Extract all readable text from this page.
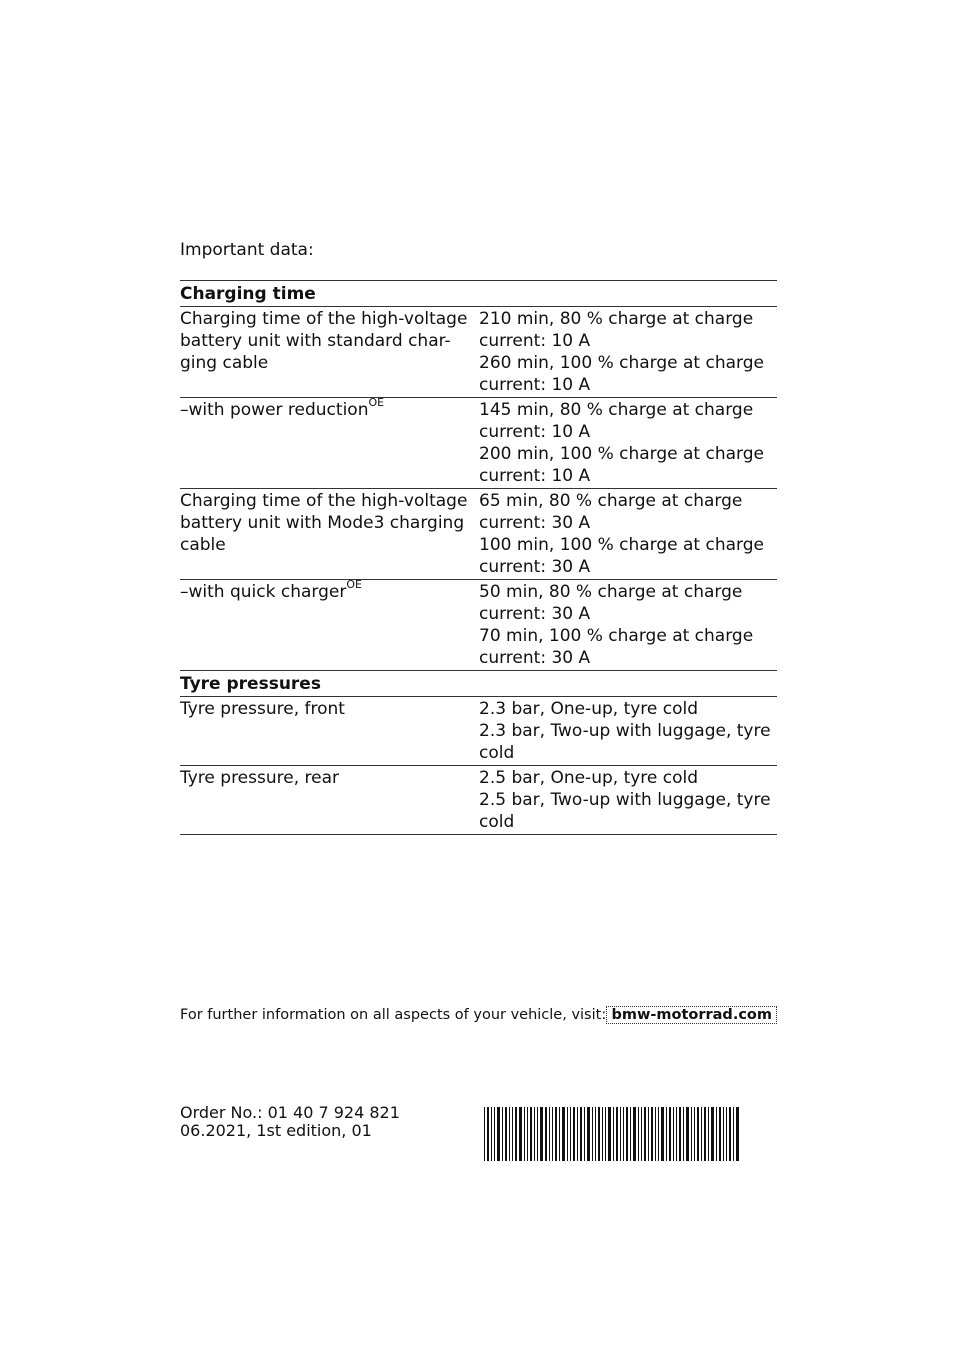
Important data:
Charging time	
Charging time of the high-voltage battery unit with standard char-ging cable	210 min, 80 % charge at charge current: 10 A
260 min, 100 % charge at charge current: 10 A

–with power reduction$^{OE}$	145 min, 80 % charge at charge current: 10 A
200 min, 100 % charge at charge current: 10 A

Charging time of the high-voltage battery unit with Mode3 charging cable	65 min, 80 % charge at charge current: 30 A
100 min, 100 % charge at charge current: 30 A

–with quick charger$^{OE}$	50 min, 80 % charge at charge current: 30 A
70 min, 100 % charge at charge current: 30 A

Tyre pressures	
Tyre pressure, front	2.3 bar, One-up, tyre cold
2.3 bar, Two-up with luggage, tyre cold

Tyre pressure, rear	2.5 bar, One-up, tyre cold
2.5 bar, Two-up with luggage, tyre cold
For further information on all aspects of your vehicle, visit: bmw-motorrad.com
Order No.: 01 40 7 924 821
06.2021, 1st edition, 01
